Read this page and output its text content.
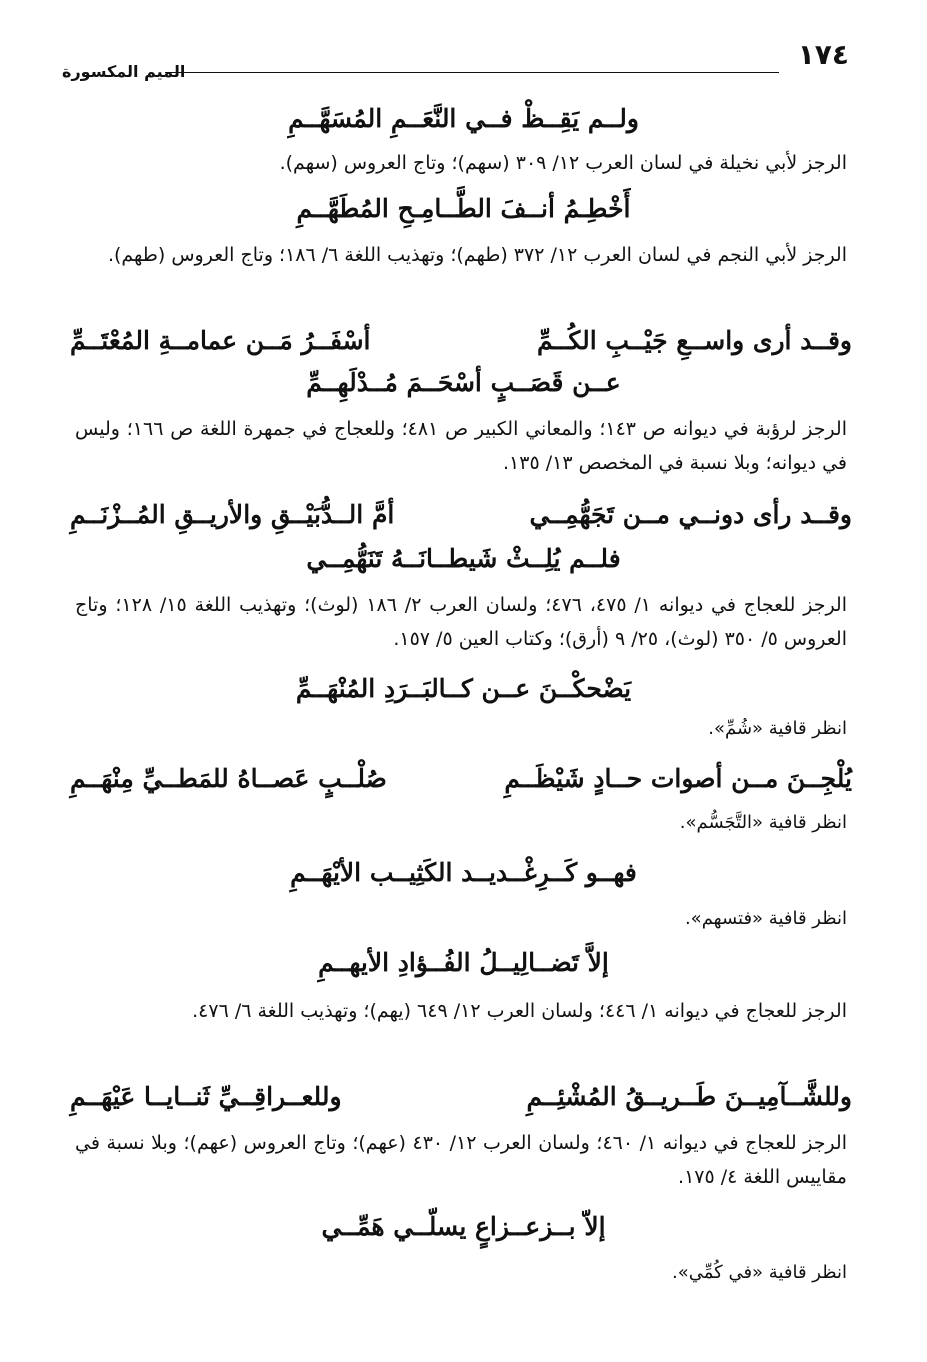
١٧٤
الميم المكسورة
ولــم يَقِــظْ فــي النَّعَــمِ المُسَهَّــمِ
الرجز لأبي نخيلة في لسان العرب ١٢/ ٣٠٩ (سهم)؛ وتاج العروس (سهم).
أَخْطِـمُ أنــفَ الطَّــامِـحِ المُطَهَّــمِ
الرجز لأبي النجم في لسان العرب ١٢/ ٣٧٢ (طهم)؛ وتهذيب اللغة ٦/ ١٨٦؛ وتاج العروس (طهم).
وقــد أرى واســعِ جَيْــبِ الكُــمِّ
أسْفَــرُ مَــن عمامــةِ المُعْتَــمِّ
عــن قَصَــبٍ أسْحَــمَ مُــدْلَهِــمِّ
الرجز لرؤبة في ديوانه ص ١٤٣؛ والمعاني الكبير ص ٤٨١؛ وللعجاج في جمهرة اللغة ص ١٦٦؛ وليس في ديوانه؛ وبلا نسبة في المخصص ١٣/ ١٣٥.
وقــد رأى دونــي مــن تَجَهُّمِــي
أمَّ الــدُّبَيْــقِ والأريــقِ المُــزْنَــمِ
فلــم يُلِــثْ شَيطــانَــهُ تَنَهُّمِــي
الرجز للعجاج في ديوانه ١/ ٤٧٥، ٤٧٦؛ ولسان العرب ٢/ ١٨٦ (لوث)؛ وتهذيب اللغة ١٥/ ١٢٨؛ وتاج العروس ٥/ ٣٥٠ (لوث)، ٢٥/ ٩ (أرق)؛ وكتاب العين ٥/ ١٥٧.
يَضْحكْــنَ عــن كــالبَــرَدِ المُنْهَــمِّ
انظر قافية «شُمِّ».
يُلْجِــنَ مــن أصوات حــادٍ شَيْظَــمِ
صُلْــبٍ عَصــاهُ للمَطــيِّ مِنْهَــمِ
انظر قافية «التَّجَسُّم».
فهــو كَــرِغْــديــد الكَثِيــب الأيْهَــمِ
انظر قافية «فتسهم».
إلاَّ تَضــالِيــلُ الفُــؤادِ الأيهــمِ
الرجز للعجاج في ديوانه ١/ ٤٤٦؛ ولسان العرب ١٢/ ٦٤٩ (يهم)؛ وتهذيب اللغة ٦/ ٤٧٦.
وللشَّــآمِيــنَ طَــريــقُ المُشْئِــمِ
وللعــراقِــيِّ ثَنــايــا عَيْهَــمِ
الرجز للعجاج في ديوانه ١/ ٤٦٠؛ ولسان العرب ١٢/ ٤٣٠ (عهم)؛ وتاج العروس (عهم)؛ وبلا نسبة في مقاييس اللغة ٤/ ١٧٥.
إلاّ بــزعــزاعٍ يسلّــي هَمِّــي
انظر قافية «في كُمِّي».
